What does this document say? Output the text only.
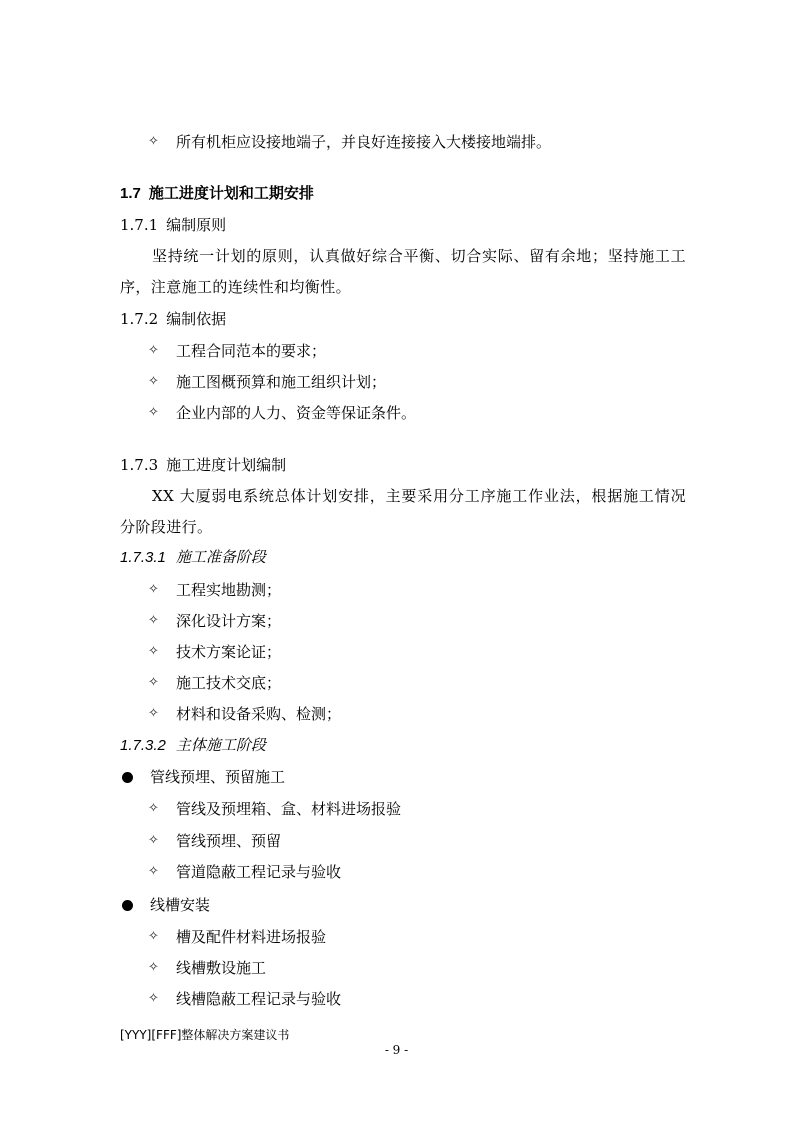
✧ 所有机柜应设接地端子，并良好连接接入大楼接地端排。
1.7 施工进度计划和工期安排
1.7.1 编制原则
坚持统一计划的原则，认真做好综合平衡、切合实际、留有余地；坚持施工工序，注意施工的连续性和均衡性。
1.7.2 编制依据
✧ 工程合同范本的要求；
✧ 施工图概预算和施工组织计划；
✧ 企业内部的人力、资金等保证条件。
1.7.3 施工进度计划编制
XX 大厦弱电系统总体计划安排，主要采用分工序施工作业法，根据施工情况分阶段进行。
1.7.3.1 施工准备阶段
✧ 工程实地勘测；
✧ 深化设计方案；
✧ 技术方案论证；
✧ 施工技术交底；
✧ 材料和设备采购、检测；
1.7.3.2 主体施工阶段
管线预埋、预留施工
✧ 管线及预埋箱、盒、材料进场报验
✧ 管线预埋、预留
✧ 管道隐蔽工程记录与验收
线槽安装
✧ 槽及配件材料进场报验
✧ 线槽敷设施工
✧ 线槽隐蔽工程记录与验收
[YYY][FFF]整体解决方案建议书
- 9 -
